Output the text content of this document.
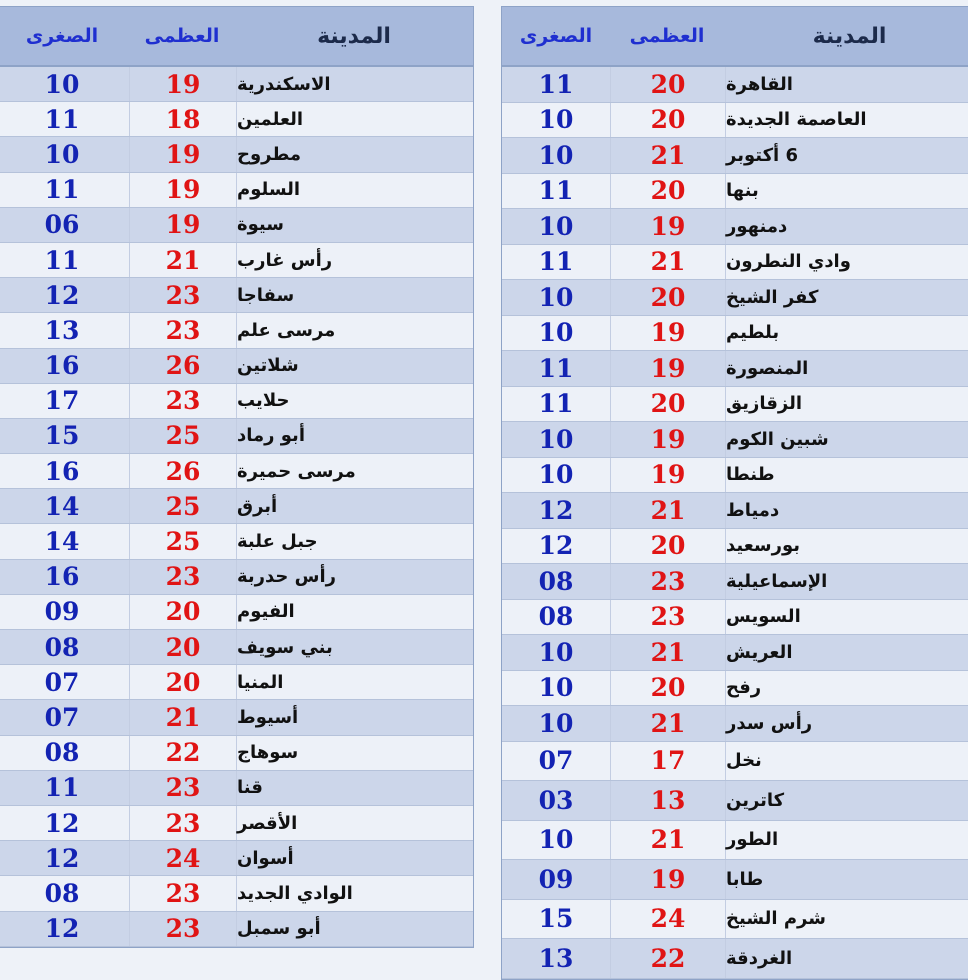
الصغرى	العظمى	المدينة
10	19	الاسكندرية
11	18	العلمين
10	19	مطروح
11	19	السلوم
06	19	سيوة
11	21	رأس غارب
12	23	سفاجا
13	23	مرسى علم
16	26	شلاتين
17	23	حلايب
15	25	أبو رماد
16	26	مرسى حميرة
14	25	أبرق
14	25	جبل علبة
16	23	رأس حدربة
09	20	الفيوم
08	20	بني سويف
07	20	المنيا
07	21	أسيوط
08	22	سوهاج
11	23	قنا
12	23	الأقصر
12	24	أسوان
08	23	الوادي الجديد
12	23	أبو سمبل
الصغرى	العظمى	المدينة
11	20	القاهرة
10	20	العاصمة الجديدة
10	21	6 أكتوبر
11	20	بنها
10	19	دمنهور
11	21	وادي النطرون
10	20	كفر الشيخ
10	19	بلطيم
11	19	المنصورة
11	20	الزقازيق
10	19	شبين الكوم
10	19	طنطا
12	21	دمياط
12	20	بورسعيد
08	23	الإسماعيلية
08	23	السويس
10	21	العريش
10	20	رفح
10	21	رأس سدر
07	17	نخل
03	13	كاترين
10	21	الطور
09	19	طابا
15	24	شرم الشيخ
13	22	الغردقة
